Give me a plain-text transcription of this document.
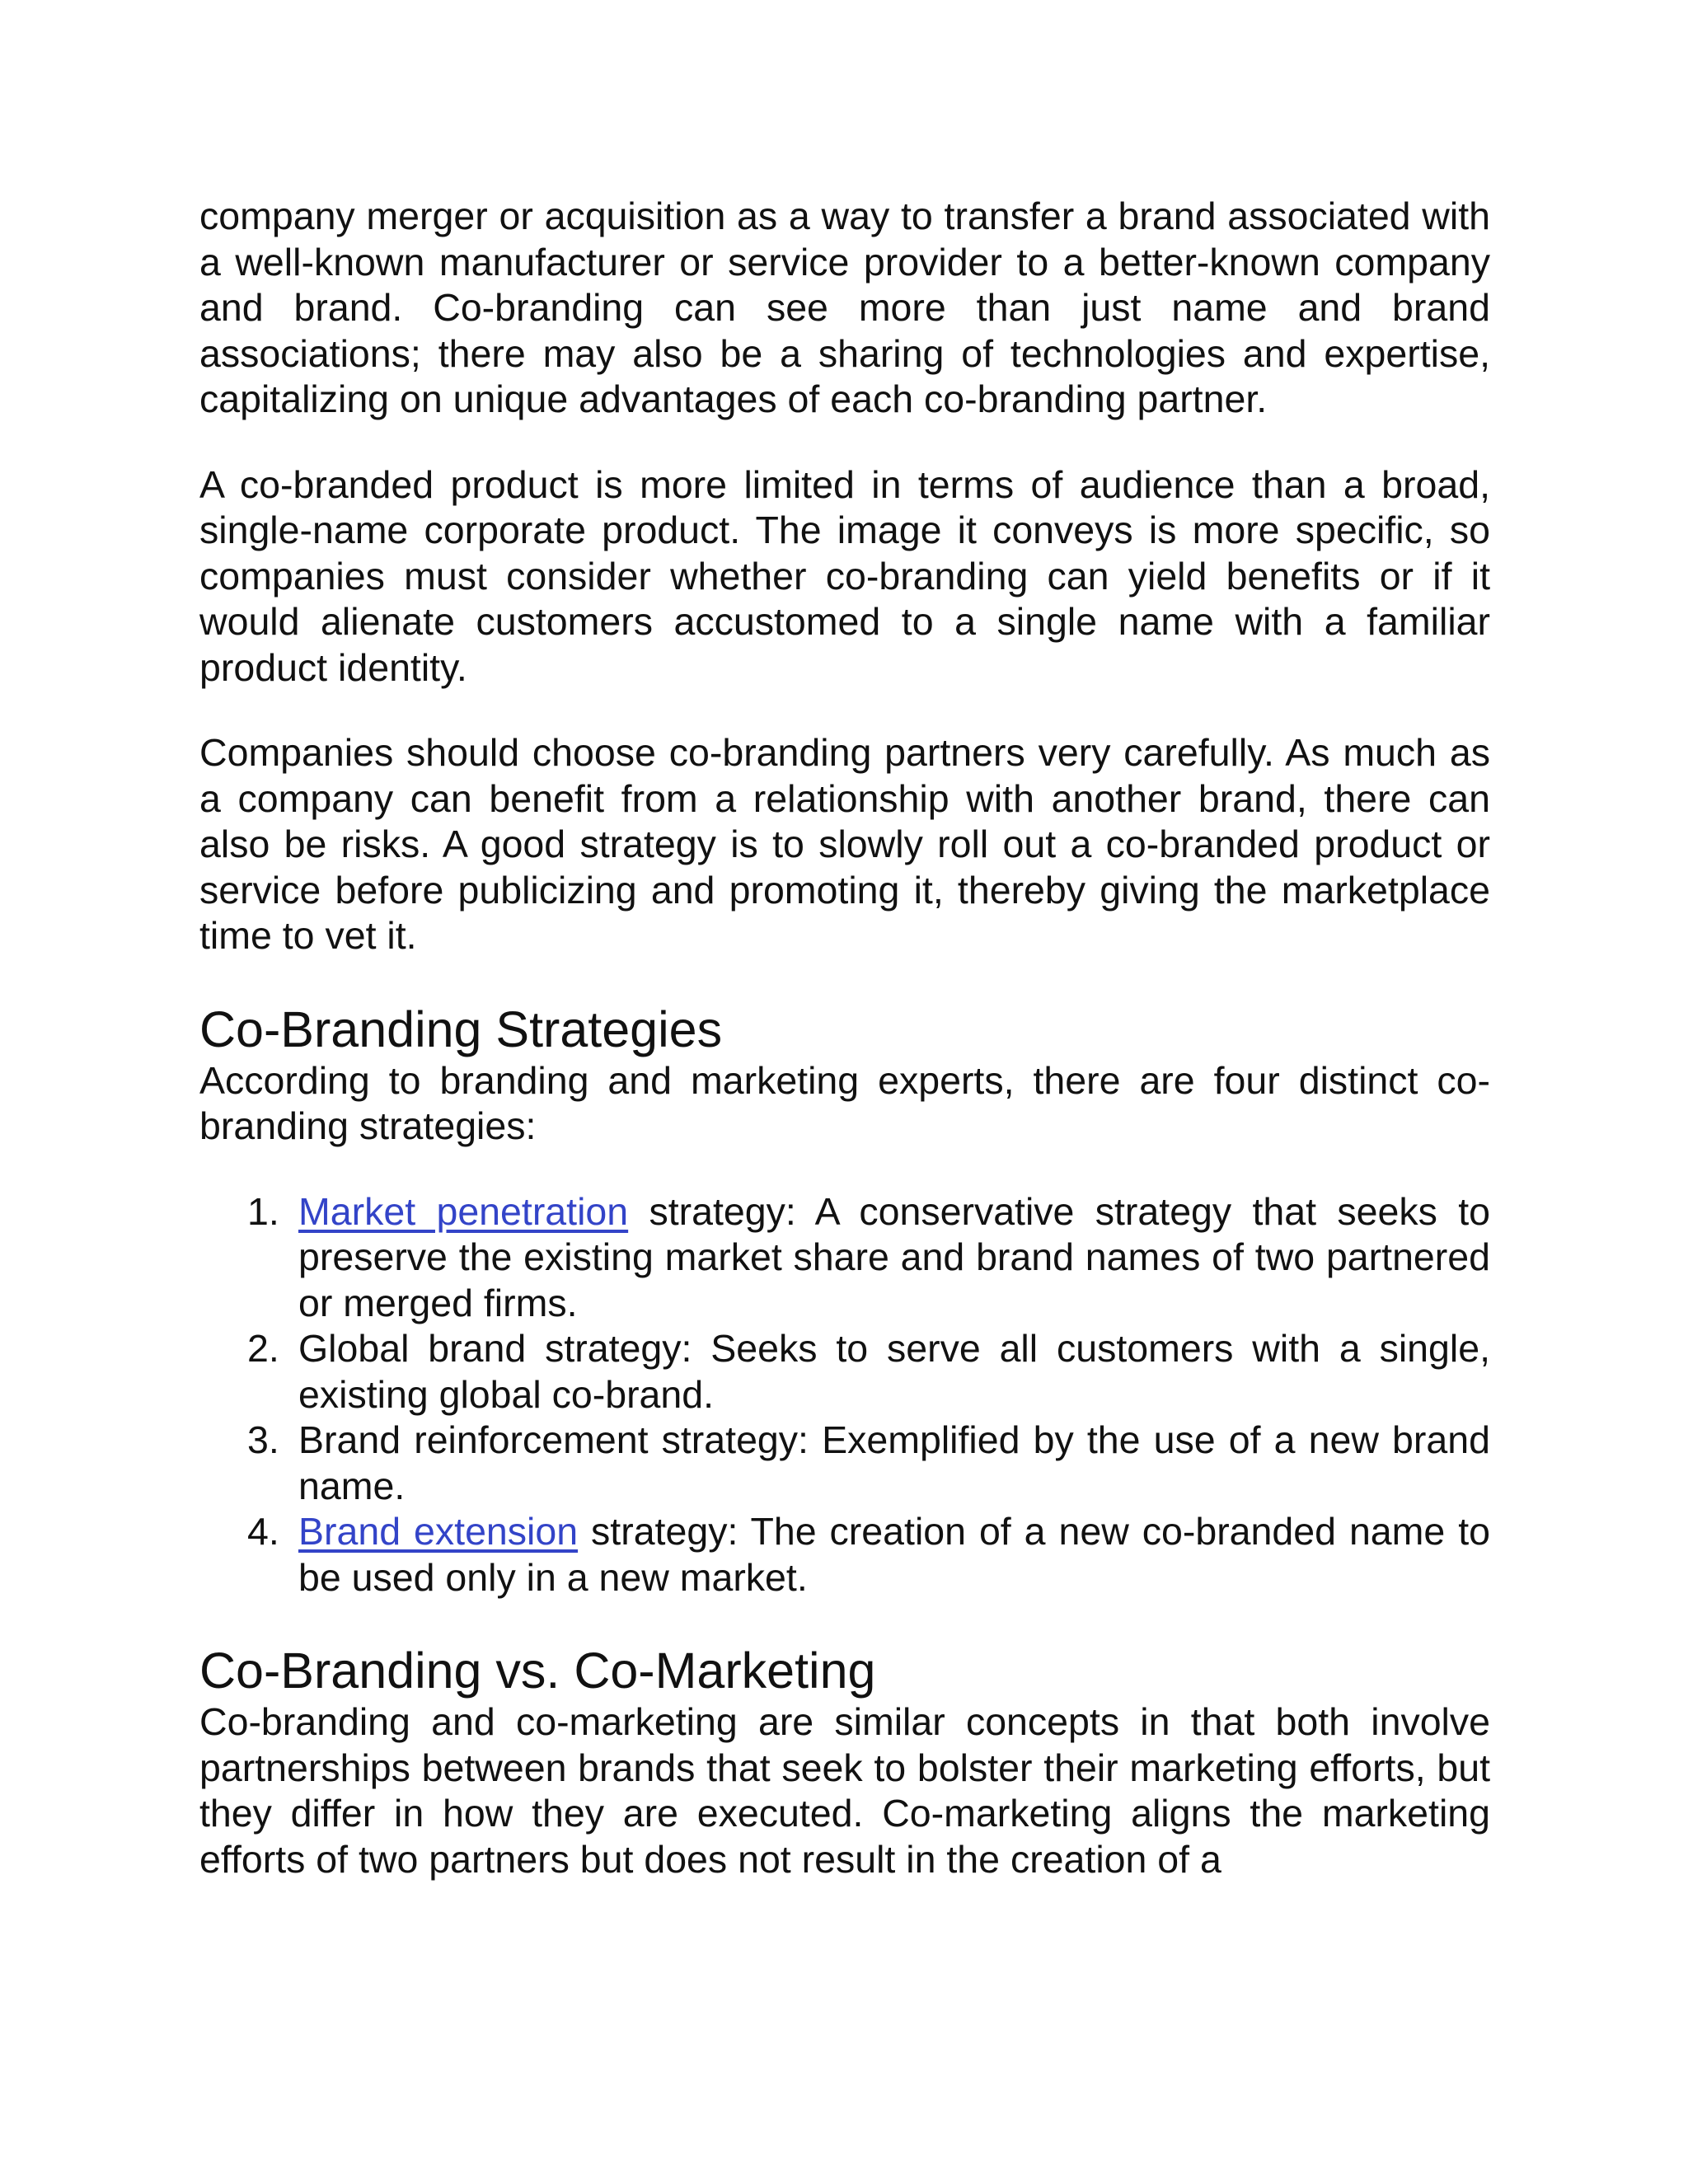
company merger or acquisition as a way to transfer a brand associated with a well-known manufacturer or service provider to a better-known company and brand. Co-branding can see more than just name and brand associations; there may also be a sharing of technologies and expertise, capitalizing on unique advantages of each co-branding partner.

A co-branded product is more limited in terms of audience than a broad, single-name corporate product. The image it conveys is more specific, so companies must consider whether co-branding can yield benefits or if it would alienate customers accustomed to a single name with a familiar product identity.

Companies should choose co-branding partners very carefully. As much as a company can benefit from a relationship with another brand, there can also be risks. A good strategy is to slowly roll out a co-branded product or service before publicizing and promoting it, thereby giving the marketplace time to vet it.

Co-Branding Strategies

According to branding and marketing experts, there are four distinct co-branding strategies:

1. Market penetration strategy: A conservative strategy that seeks to preserve the existing market share and brand names of two partnered or merged firms.
2. Global brand strategy: Seeks to serve all customers with a single, existing global co-brand.
3. Brand reinforcement strategy: Exemplified by the use of a new brand name.
4. Brand extension strategy: The creation of a new co-branded name to be used only in a new market.
Co-Branding vs. Co-Marketing

Co-branding and co-marketing are similar concepts in that both involve partnerships between brands that seek to bolster their marketing efforts, but they differ in how they are executed. Co-marketing aligns the marketing efforts of two partners but does not result in the creation of a
